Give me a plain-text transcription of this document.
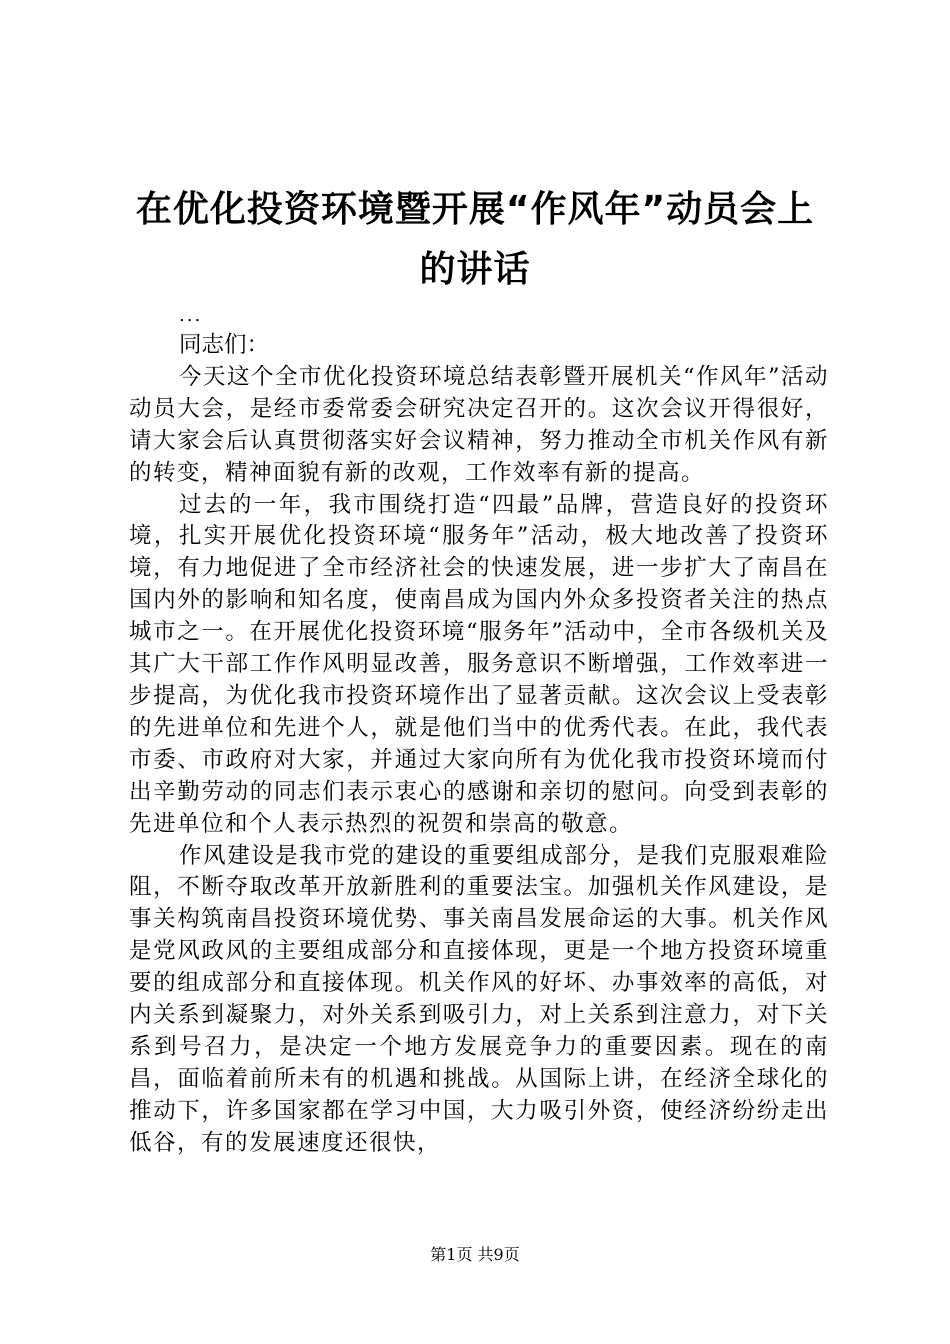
在优化投资环境暨开展“作风年”动员会上的讲话

...

同志们：

今天这个全市优化投资环境总结表彰暨开展机关“作风年”活动动员大会，是经市委常委会研究决定召开的。这次会议开得很好，请大家会后认真贯彻落实好会议精神，努力推动全市机关作风有新的转变，精神面貌有新的改观，工作效率有新的提高。

过去的一年，我市围绕打造“四最”品牌，营造良好的投资环境，扎实开展优化投资环境“服务年”活动，极大地改善了投资环境，有力地促进了全市经济社会的快速发展，进一步扩大了南昌在国内外的影响和知名度，使南昌成为国内外众多投资者关注的热点城市之一。在开展优化投资环境“服务年”活动中，全市各级机关及其广大干部工作作风明显改善，服务意识不断增强，工作效率进一步提高，为优化我市投资环境作出了显著贡献。这次会议上受表彰的先进单位和先进个人，就是他们当中的优秀代表。在此，我代表市委、市政府对大家，并通过大家向所有为优化我市投资环境而付出辛勤劳动的同志们表示衷心的感谢和亲切的慰问。向受到表彰的先进单位和个人表示热烈的祝贺和崇高的敬意。

作风建设是我市党的建设的重要组成部分，是我们克服艰难险阻，不断夺取改革开放新胜利的重要法宝。加强机关作风建设，是事关构筑南昌投资环境优势、事关南昌发展命运的大事。机关作风是党风政风的主要组成部分和直接体现，更是一个地方投资环境重要的组成部分和直接体现。机关作风的好坏、办事效率的高低，对内关系到凝聚力，对外关系到吸引力，对上关系到注意力，对下关系到号召力，是决定一个地方发展竞争力的重要因素。现在的南昌，面临着前所未有的机遇和挑战。从国际上讲，在经济全球化的推动下，许多国家都在学习中国，大力吸引外资，使经济纷纷走出低谷，有的发展速度还很快，

第1页 共9页
